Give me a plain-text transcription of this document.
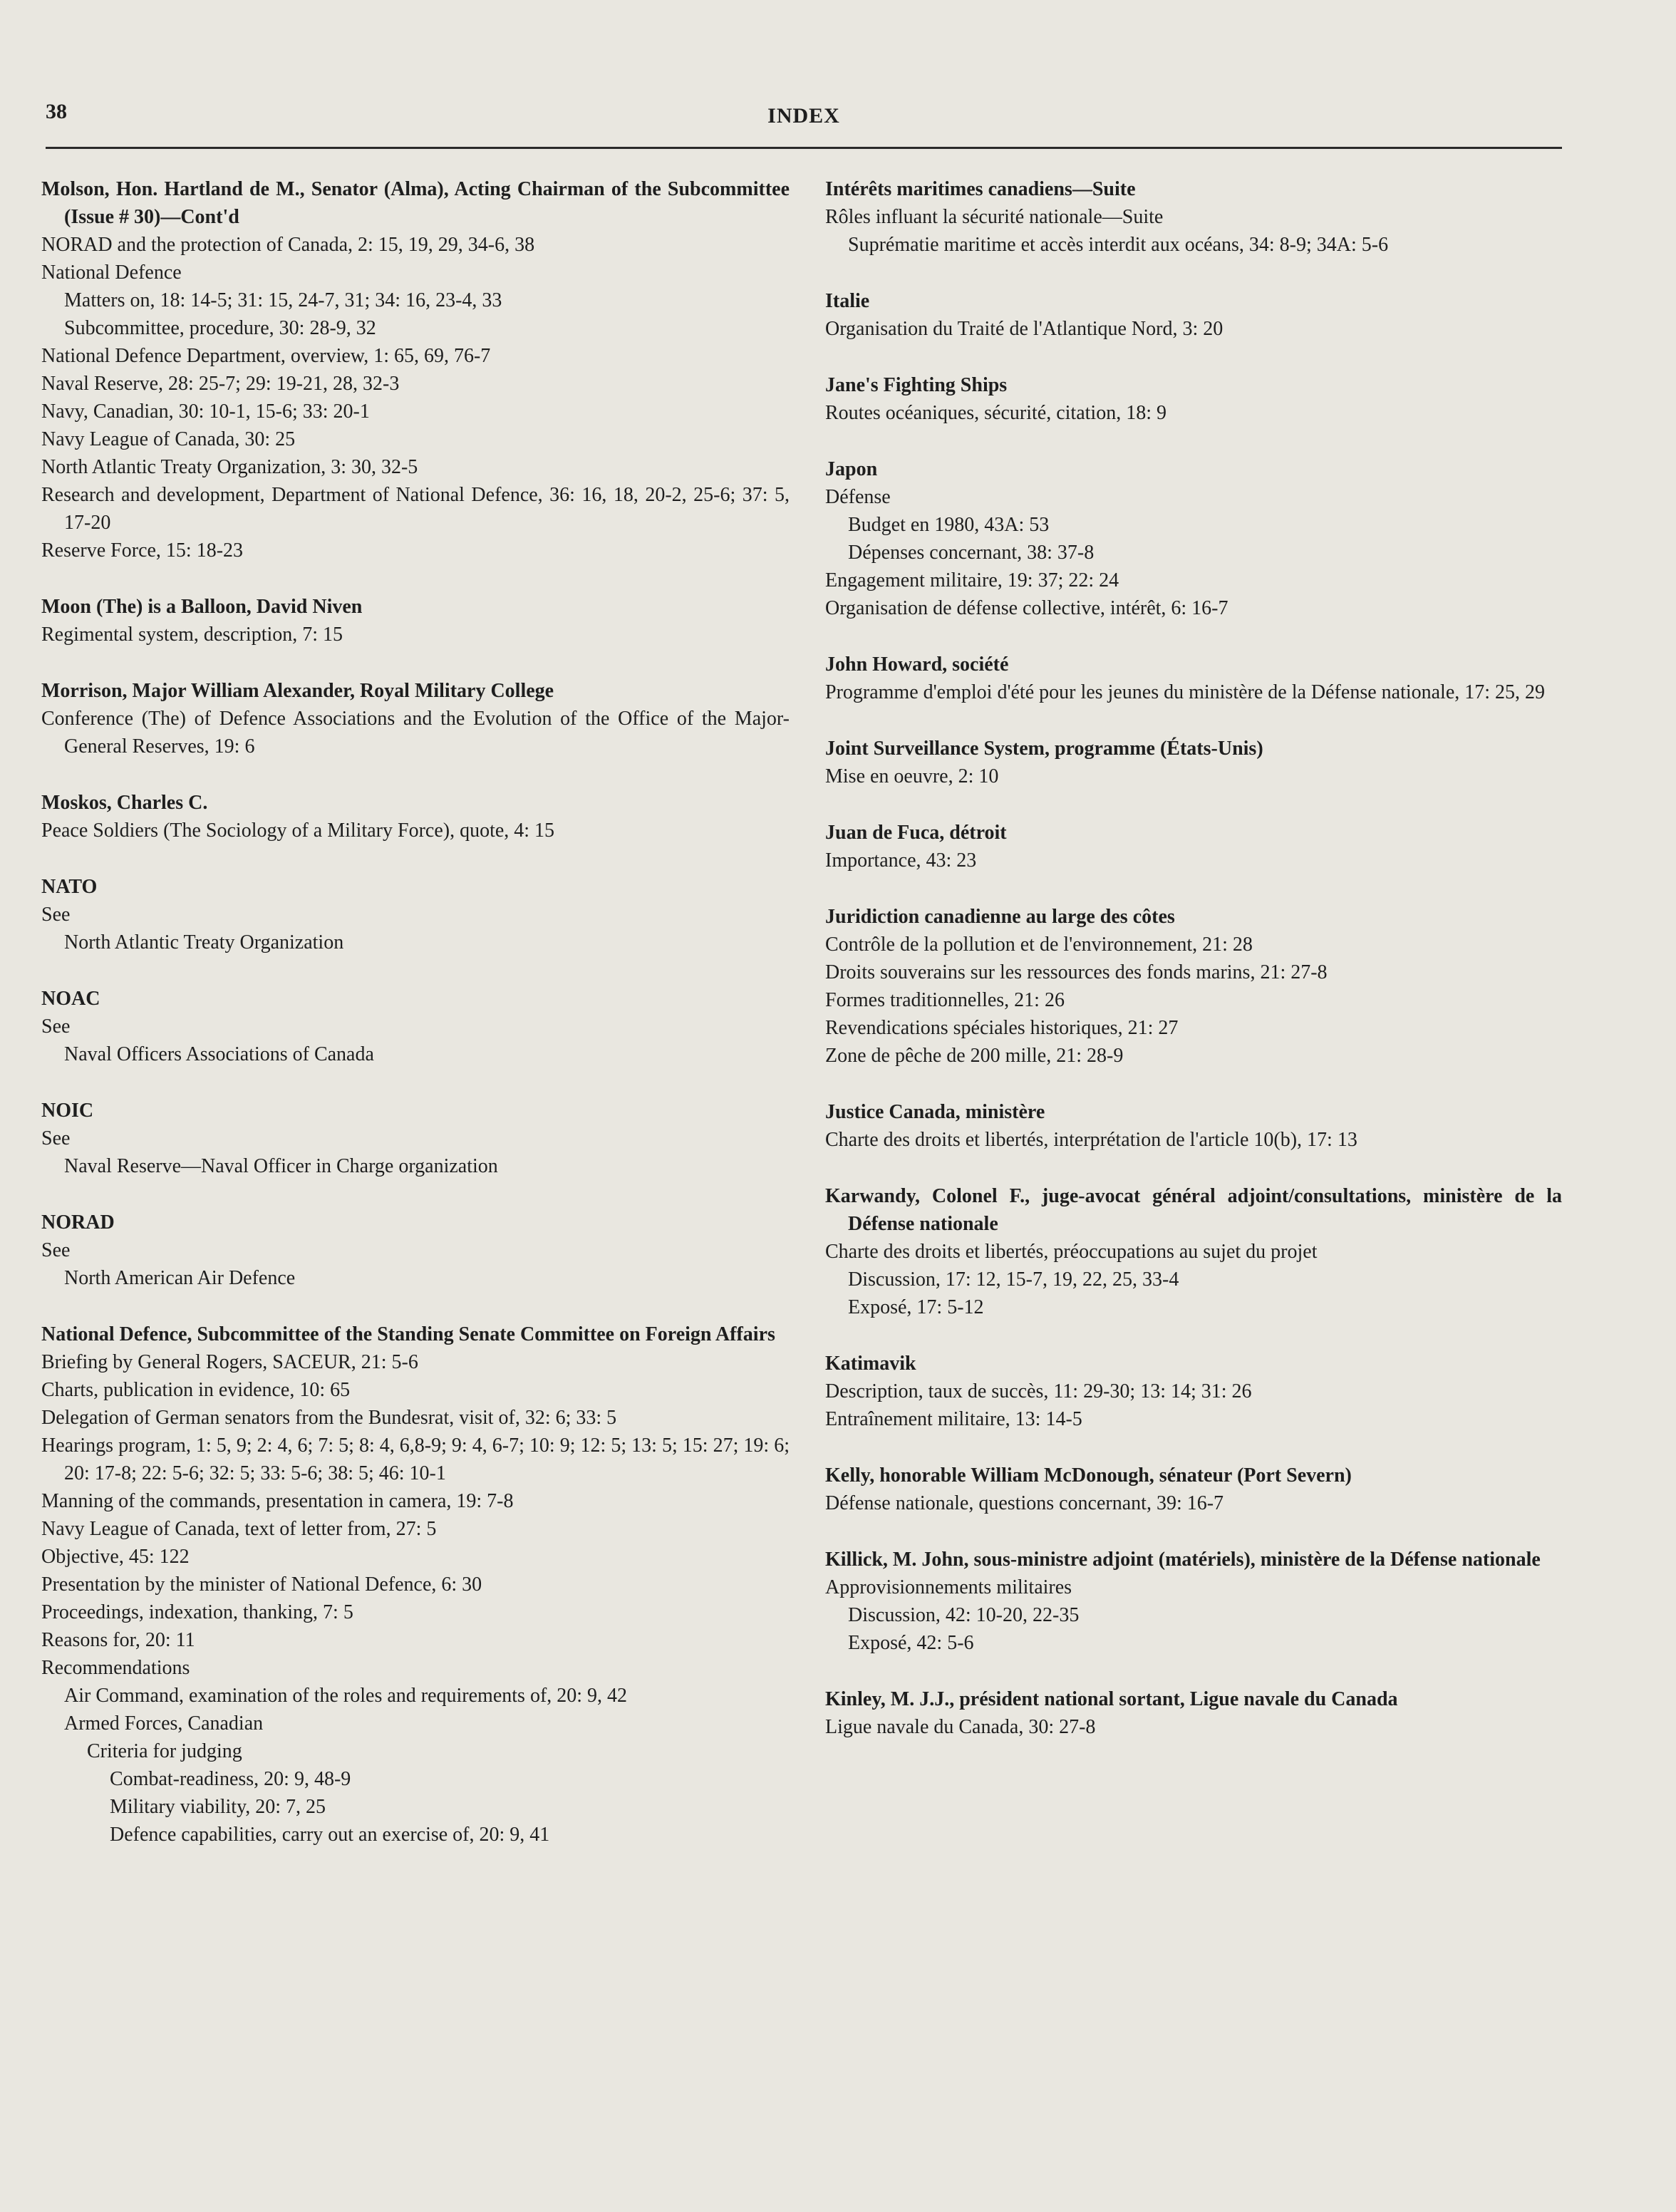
38	INDEX
Molson, Hon. Hartland de M., Senator (Alma), Acting Chairman of the Subcommittee (Issue # 30)—Cont'd
NORAD and the protection of Canada, 2: 15, 19, 29, 34-6, 38
National Defence
Matters on, 18: 14-5; 31: 15, 24-7, 31; 34: 16, 23-4, 33
Subcommittee, procedure, 30: 28-9, 32
National Defence Department, overview, 1: 65, 69, 76-7
Naval Reserve, 28: 25-7; 29: 19-21, 28, 32-3
Navy, Canadian, 30: 10-1, 15-6; 33: 20-1
Navy League of Canada, 30: 25
North Atlantic Treaty Organization, 3: 30, 32-5
Research and development, Department of National Defence, 36: 16, 18, 20-2, 25-6; 37: 5, 17-20
Reserve Force, 15: 18-23
Moon (The) is a Balloon, David Niven
Regimental system, description, 7: 15
Morrison, Major William Alexander, Royal Military College
Conference (The) of Defence Associations and the Evolution of the Office of the Major-General Reserves, 19: 6
Moskos, Charles C.
Peace Soldiers (The Sociology of a Military Force), quote, 4: 15
NATO
See
North Atlantic Treaty Organization
NOAC
See
Naval Officers Associations of Canada
NOIC
See
Naval Reserve—Naval Officer in Charge organization
NORAD
See
North American Air Defence
National Defence, Subcommittee of the Standing Senate Committee on Foreign Affairs
Briefing by General Rogers, SACEUR, 21: 5-6
Charts, publication in evidence, 10: 65
Delegation of German senators from the Bundesrat, visit of, 32: 6; 33: 5
Hearings program, 1: 5, 9; 2: 4, 6; 7: 5; 8: 4, 6,8-9; 9: 4, 6-7; 10: 9; 12: 5; 13: 5; 15: 27; 19: 6; 20: 17-8; 22: 5-6; 32: 5; 33: 5-6; 38: 5; 46: 10-1
Manning of the commands, presentation in camera, 19: 7-8
Navy League of Canada, text of letter from, 27: 5
Objective, 45: 122
Presentation by the minister of National Defence, 6: 30
Proceedings, indexation, thanking, 7: 5
Reasons for, 20: 11
Recommendations
Air Command, examination of the roles and requirements of, 20: 9, 42
Armed Forces, Canadian
Criteria for judging
Combat-readiness, 20: 9, 48-9
Military viability, 20: 7, 25
Defence capabilities, carry out an exercise of, 20: 9, 41
Intérêts maritimes canadiens—Suite
Rôles influant la sécurité nationale—Suite
Suprématie maritime et accès interdit aux océans, 34: 8-9; 34A: 5-6
Italie
Organisation du Traité de l'Atlantique Nord, 3: 20
Jane's Fighting Ships
Routes océaniques, sécurité, citation, 18: 9
Japon
Défense
Budget en 1980, 43A: 53
Dépenses concernant, 38: 37-8
Engagement militaire, 19: 37; 22: 24
Organisation de défense collective, intérêt, 6: 16-7
John Howard, société
Programme d'emploi d'été pour les jeunes du ministère de la Défense nationale, 17: 25, 29
Joint Surveillance System, programme (États-Unis)
Mise en oeuvre, 2: 10
Juan de Fuca, détroit
Importance, 43: 23
Juridiction canadienne au large des côtes
Contrôle de la pollution et de l'environnement, 21: 28
Droits souverains sur les ressources des fonds marins, 21: 27-8
Formes traditionnelles, 21: 26
Revendications spéciales historiques, 21: 27
Zone de pêche de 200 mille, 21: 28-9
Justice Canada, ministère
Charte des droits et libertés, interprétation de l'article 10(b), 17: 13
Karwandy, Colonel F., juge-avocat général adjoint/consultations, ministère de la Défense nationale
Charte des droits et libertés, préoccupations au sujet du projet
Discussion, 17: 12, 15-7, 19, 22, 25, 33-4
Exposé, 17: 5-12
Katimavik
Description, taux de succès, 11: 29-30; 13: 14; 31: 26
Entraînement militaire, 13: 14-5
Kelly, honorable William McDonough, sénateur (Port Severn)
Défense nationale, questions concernant, 39: 16-7
Killick, M. John, sous-ministre adjoint (matériels), ministère de la Défense nationale
Approvisionnements militaires
Discussion, 42: 10-20, 22-35
Exposé, 42: 5-6
Kinley, M. J.J., président national sortant, Ligue navale du Canada
Ligue navale du Canada, 30: 27-8
